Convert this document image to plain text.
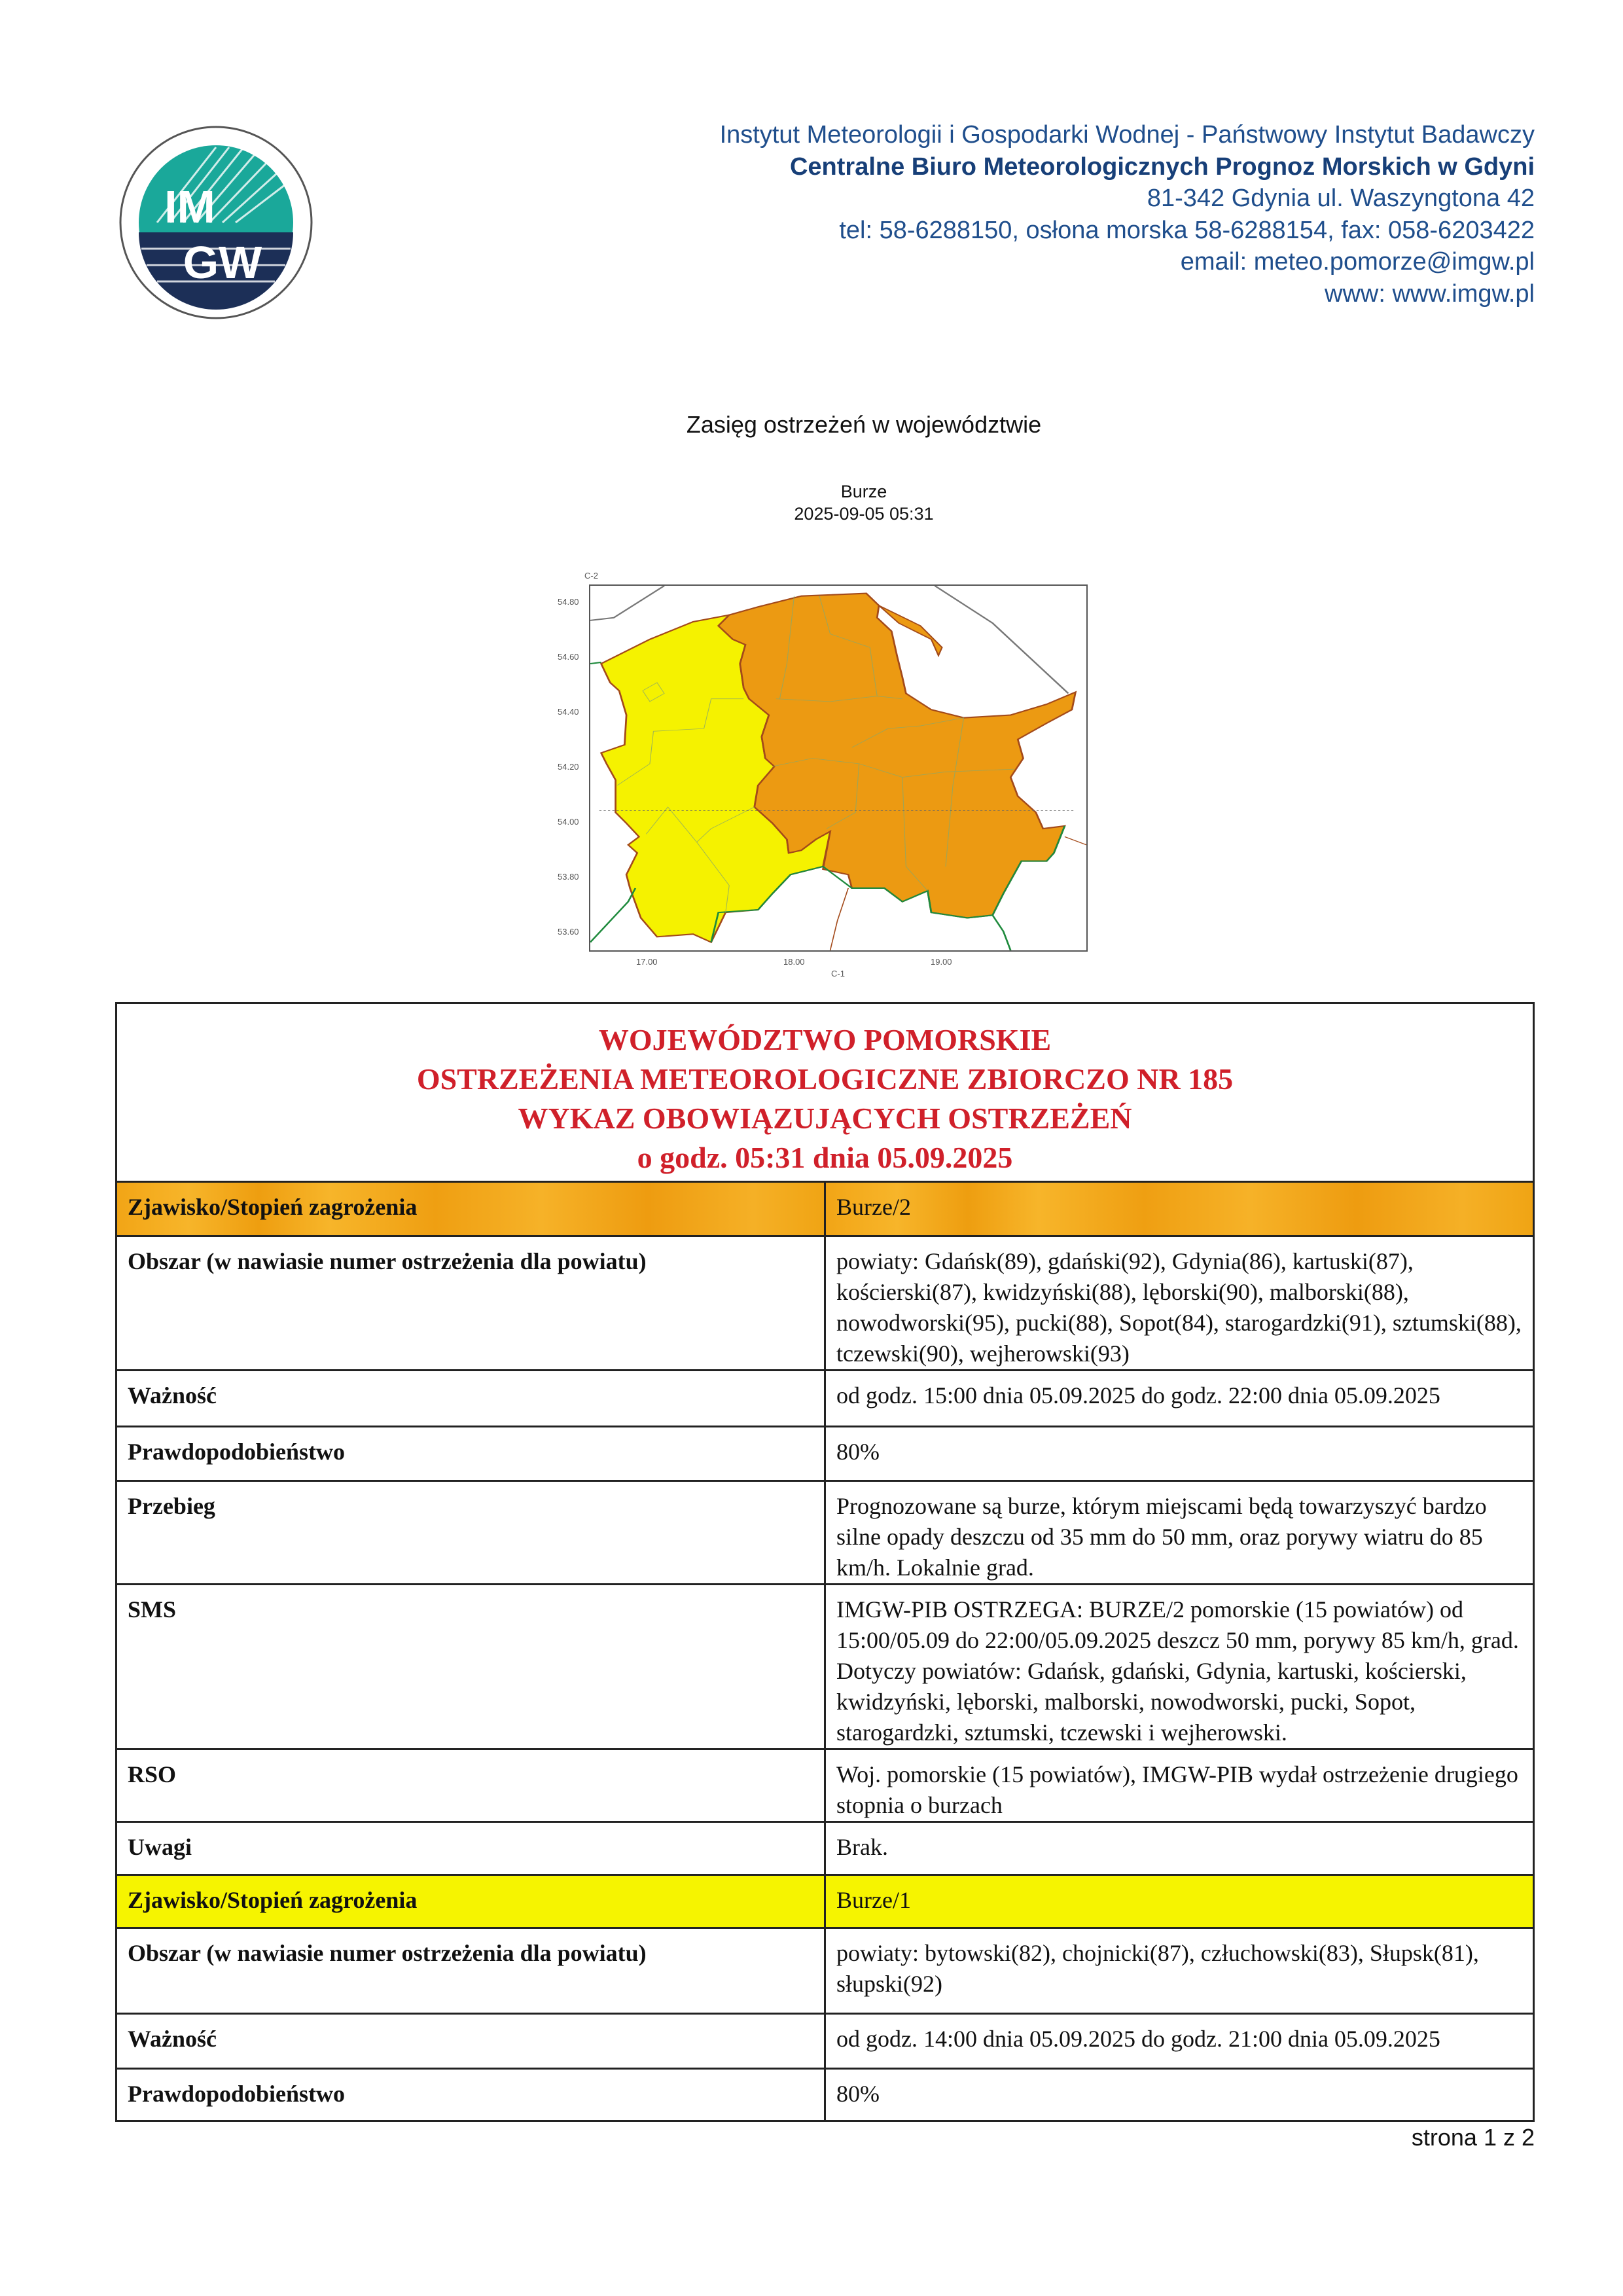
IM
GW
Instytut Meteorologii i Gospodarki Wodnej - Państwowy Instytut Badawczy
Centralne Biuro Meteorologicznych Prognoz Morskich w Gdyni
81-342 Gdynia ul. Waszyngtona 42
tel: 58-6288150, osłona morska 58-6288154, fax: 058-6203422
email: meteo.pomorze@imgw.pl
www: www.imgw.pl
Zasięg ostrzeżeń w województwie
Burze
2025-09-05 05:31
C-2
C-1
54.80
54.60
54.40
54.20
54.00
53.80
53.60
17.00	18.00	19.00
WOJEWÓDZTWO POMORSKIE
OSTRZEŻENIA METEOROLOGICZNE ZBIORCZO NR 185
WYKAZ OBOWIĄZUJĄCYCH OSTRZEŻEŃ
o godz. 05:31 dnia 05.09.2025	

Zjawisko/Stopień zagrożenia	Burze/2
Obszar (w nawiasie numer ostrzeżenia dla powiatu)	powiaty: Gdańsk(89), gdański(92), Gdynia(86), kartuski(87), kościerski(87), kwidzyński(88), lęborski(90), malborski(88), nowodworski(95), pucki(88), Sopot(84), starogardzki(91), sztumski(88), tczewski(90), wejherowski(93)
Ważność	od godz. 15:00 dnia 05.09.2025 do godz. 22:00 dnia 05.09.2025
Prawdopodobieństwo	80%
Przebieg	Prognozowane są burze, którym miejscami będą towarzyszyć bardzo silne opady deszczu od 35 mm do 50 mm, oraz porywy wiatru do 85 km/h. Lokalnie grad.
SMS	IMGW-PIB OSTRZEGA: BURZE/2 pomorskie (15 powiatów) od 15:00/05.09 do 22:00/05.09.2025 deszcz 50 mm, porywy 85 km/h, grad. Dotyczy powiatów: Gdańsk, gdański, Gdynia, kartuski, kościerski, kwidzyński, lęborski, malborski, nowodworski, pucki, Sopot, starogardzki, sztumski, tczewski i wejherowski.
RSO	Woj. pomorskie (15 powiatów), IMGW-PIB wydał ostrzeżenie drugiego stopnia o burzach
Uwagi	Brak.
Zjawisko/Stopień zagrożenia	Burze/1
Obszar (w nawiasie numer ostrzeżenia dla powiatu)	powiaty: bytowski(82), chojnicki(87), człuchowski(83), Słupsk(81), słupski(92)
Ważność	od godz. 14:00 dnia 05.09.2025 do godz. 21:00 dnia 05.09.2025
Prawdopodobieństwo	80%
strona 1 z 2
